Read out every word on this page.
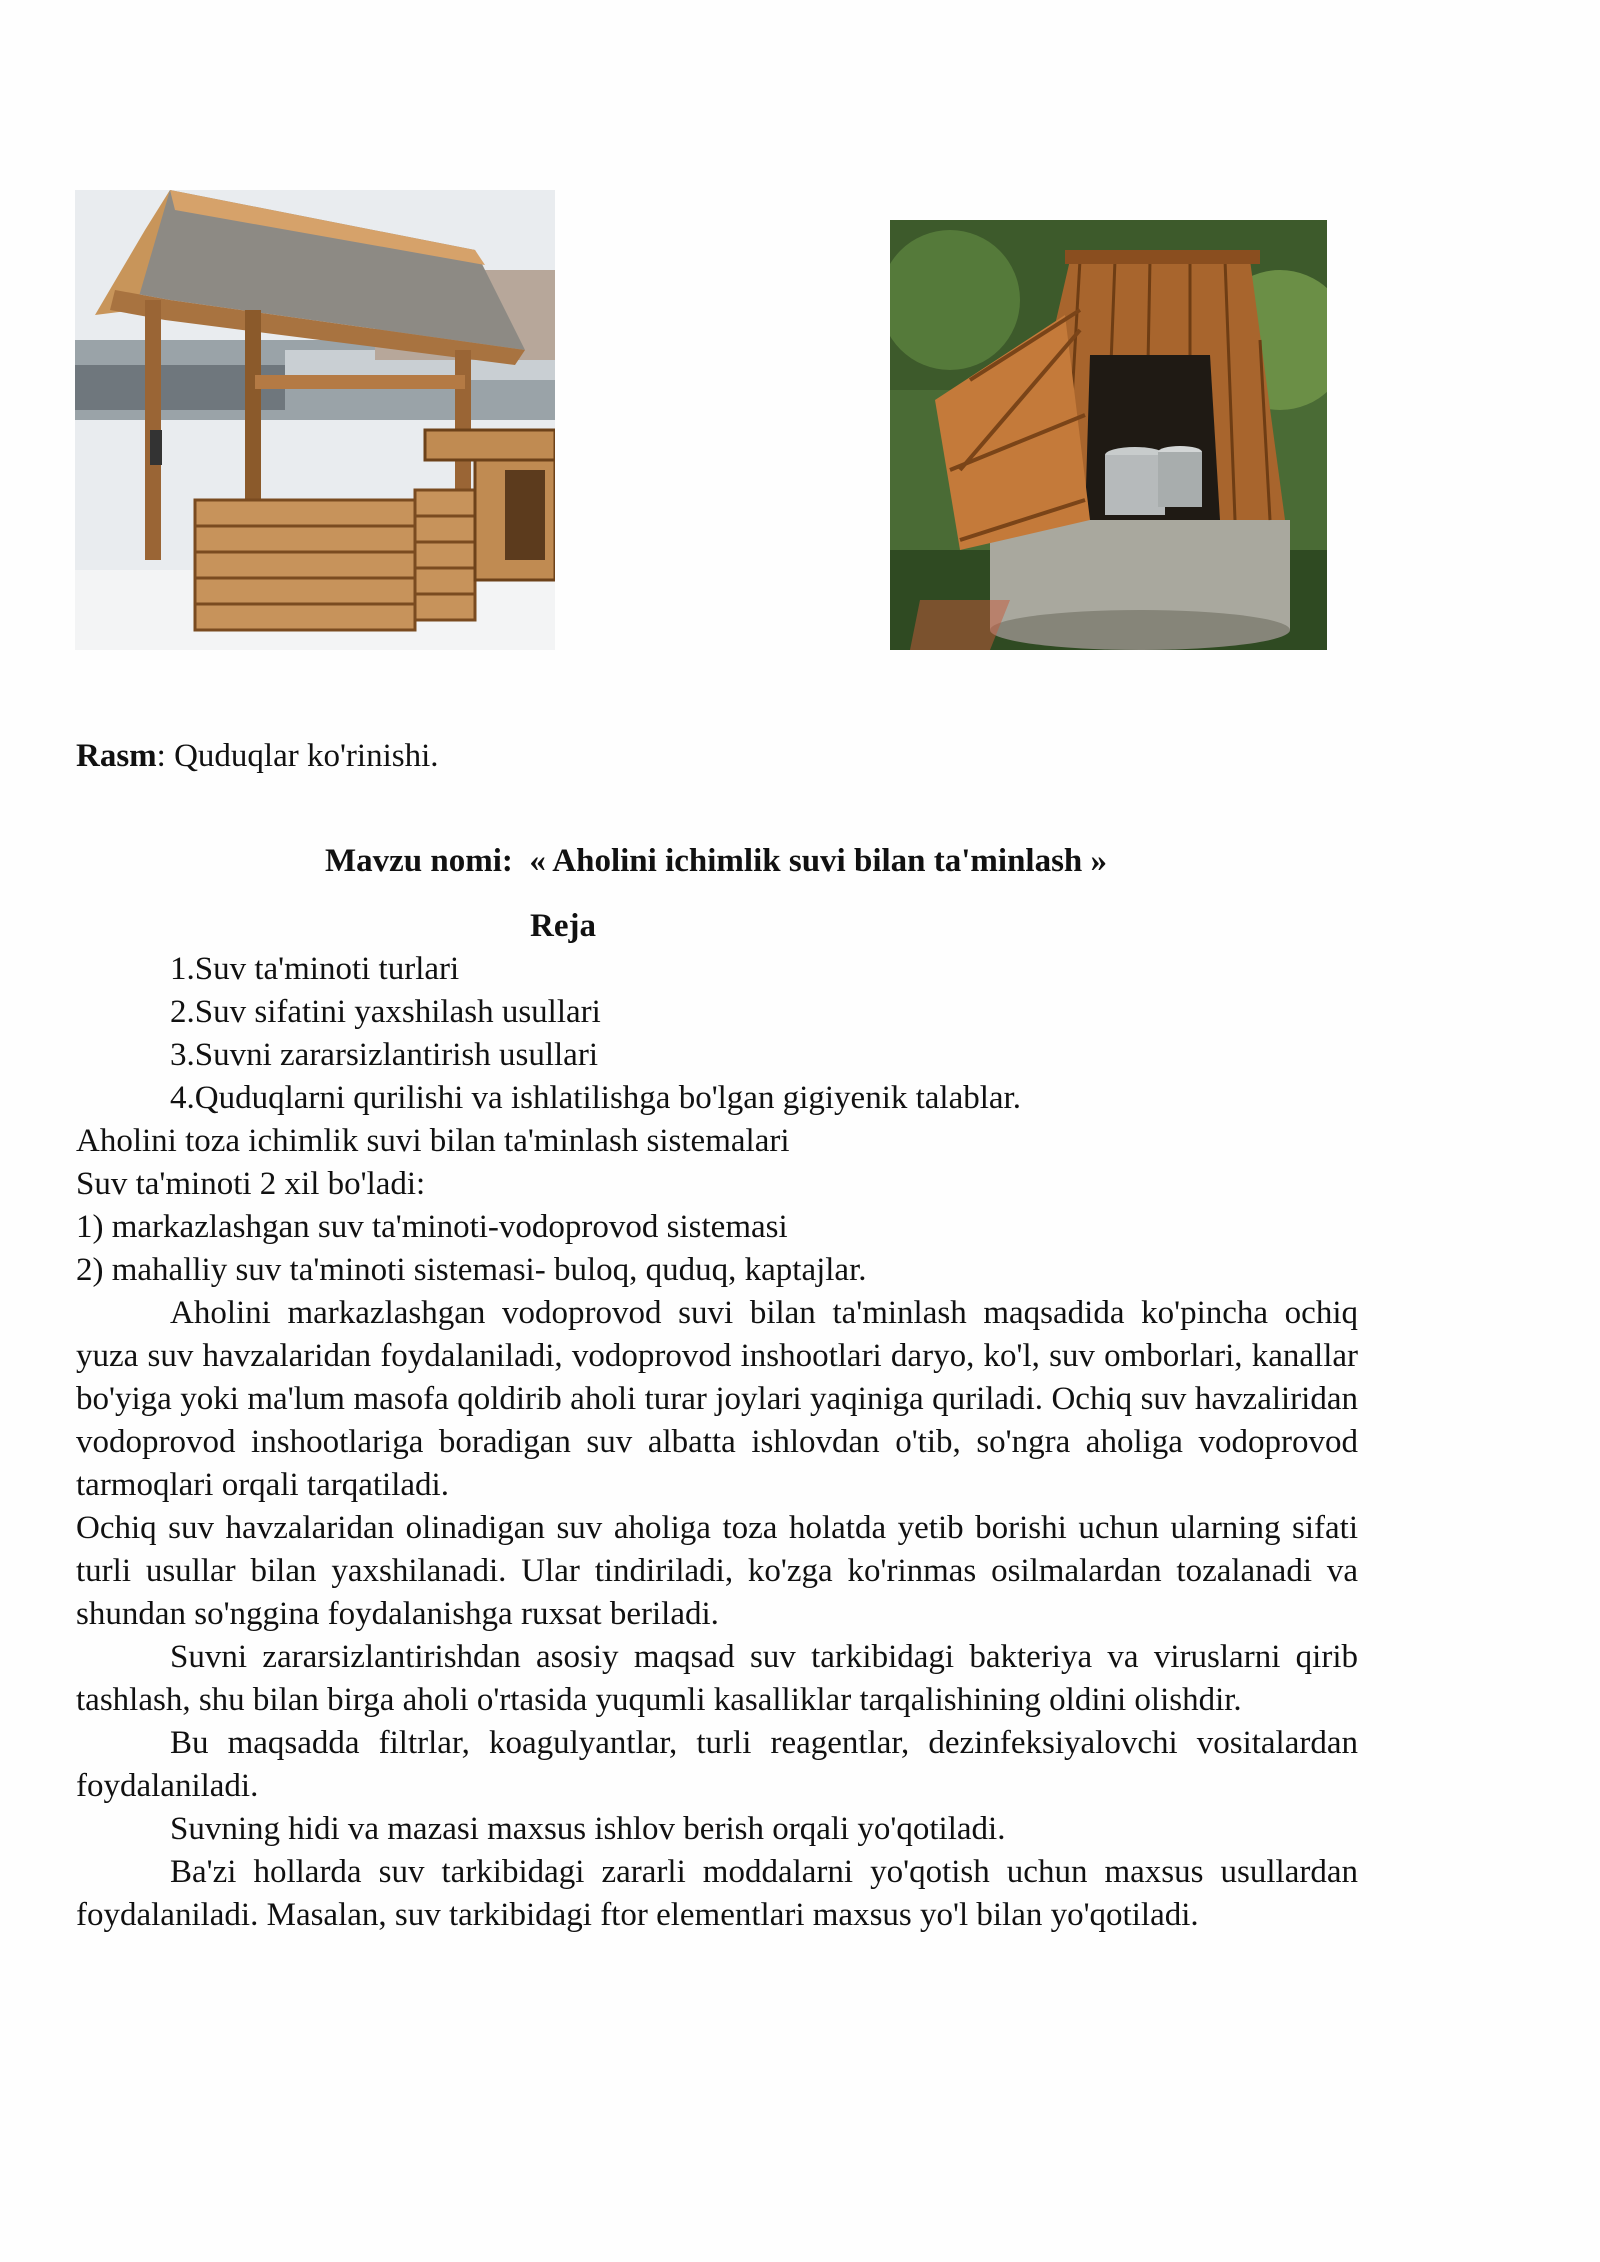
Rasm: Quduqlar ko'rinishi.
Mavzu nomi: « Aholini ichimlik suvi bilan ta'minlash »
Reja

1.Suv ta'minoti turlari

2.Suv sifatini yaxshilash usullari

3.Suvni zararsizlantirish usullari

4.Quduqlarni qurilishi va ishlatilishga bo'lgan gigiyenik talablar.

Aholini toza ichimlik suvi bilan ta'minlash sistemalari

Suv ta'minoti 2 xil bo'ladi:

1) markazlashgan suv ta'minoti-vodoprovod sistemasi

2) mahalliy suv ta'minoti sistemasi- buloq, quduq, kaptajlar.

Aholini markazlashgan vodoprovod suvi bilan ta'minlash maqsadida ko'pincha ochiq yuza suv havzalaridan foydalaniladi, vodoprovod inshootlari daryo, ko'l, suv omborlari, kanallar bo'yiga yoki ma'lum masofa qoldirib aholi turar joylari yaqiniga quriladi. Ochiq suv havzaliridan vodoprovod inshootlariga boradigan suv albatta ishlovdan o'tib, so'ngra aholiga vodoprovod tarmoqlari orqali tarqatiladi.

Ochiq suv havzalaridan olinadigan suv aholiga toza holatda yetib borishi uchun ularning sifati turli usullar bilan yaxshilanadi. Ular tindiriladi, ko'zga ko'rinmas osilmalardan tozalanadi va shundan so'nggina foydalanishga ruxsat beriladi.

Suvni zararsizlantirishdan asosiy maqsad suv tarkibidagi bakteriya va viruslarni qirib tashlash, shu bilan birga aholi o'rtasida yuqumli kasalliklar tarqalishining oldini olishdir.

Bu maqsadda filtrlar, koagulyantlar, turli reagentlar, dezinfeksiyalovchi vositalardan foydalaniladi.

Suvning hidi va mazasi maxsus ishlov berish orqali yo'qotiladi.

Ba'zi hollarda suv tarkibidagi zararli moddalarni yo'qotish uchun maxsus usullardan foydalaniladi. Masalan, suv tarkibidagi ftor elementlari maxsus yo'l bilan yo'qotiladi.
